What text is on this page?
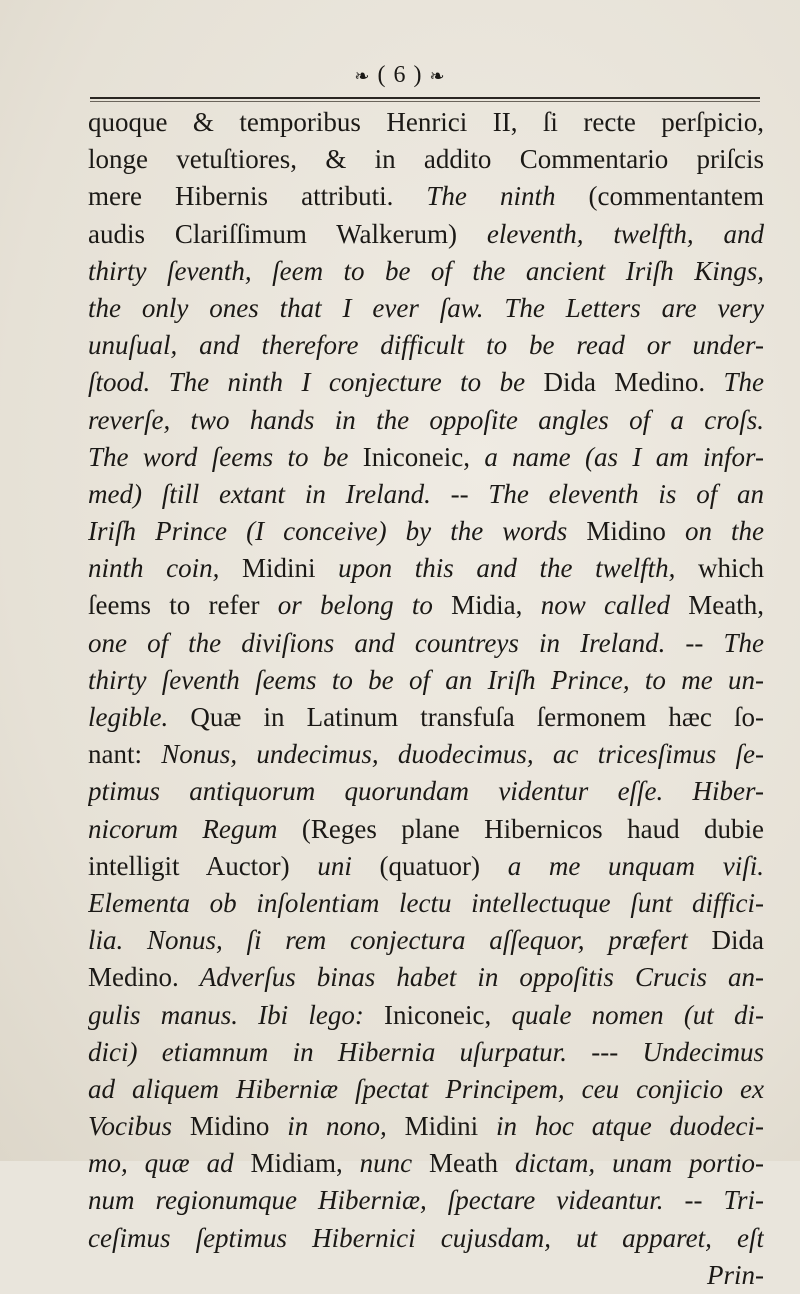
❧ ( 6 ) ❧
quoque & temporibus Henrici II, ſi recte perſpicio,
longe vetuſtiores, & in addito Commentario priſcis
mere Hibernis attributi. The ninth (commentantem
audis Clariſſimum Walkerum) eleventh, twelfth, and
thirty ſeventh, ſeem to be of the ancient Iriſh Kings,
the only ones that I ever ſaw. The Letters are very
unuſual, and therefore difficult to be read or under-
ſtood. The ninth I conjecture to be Dida Medino. The
reverſe, two hands in the oppoſite angles of a croſs.
The word ſeems to be Iniconeic, a name (as I am infor-
med) ſtill extant in Ireland. -- The eleventh is of an
Iriſh Prince (I conceive) by the words Midino on the
ninth coin, Midini upon this and the twelfth, which
ſeems to refer or belong to Midia, now called Meath,
one of the diviſions and countreys in Ireland. -- The
thirty ſeventh ſeems to be of an Iriſh Prince, to me un-
legible. Quæ in Latinum transfuſa ſermonem hæc ſo-
nant: Nonus, undecimus, duodecimus, ac tricesſimus ſe-
ptimus antiquorum quorundam videntur eſſe. Hiber-
nicorum Regum (Reges plane Hibernicos haud dubie
intelligit Auctor) uni (quatuor) a me unquam viſi.
Elementa ob inſolentiam lectu intellectuque ſunt diffici-
lia. Nonus, ſi rem conjectura aſſequor, præfert Dida
Medino. Adverſus binas habet in oppoſitis Crucis an-
gulis manus. Ibi lego: Iniconeic, quale nomen (ut di-
dici) etiamnum in Hibernia uſurpatur. --- Undecimus
ad aliquem Hiberniæ ſpectat Principem, ceu conjicio ex
Vocibus Midino in nono, Midini in hoc atque duodeci-
mo, quæ ad Midiam, nunc Meath dictam, unam portio-
num regionumque Hiberniæ, ſpectare videantur. -- Tri-
ceſimus ſeptimus Hibernici cujusdam, ut apparet, eſt
Prin-
